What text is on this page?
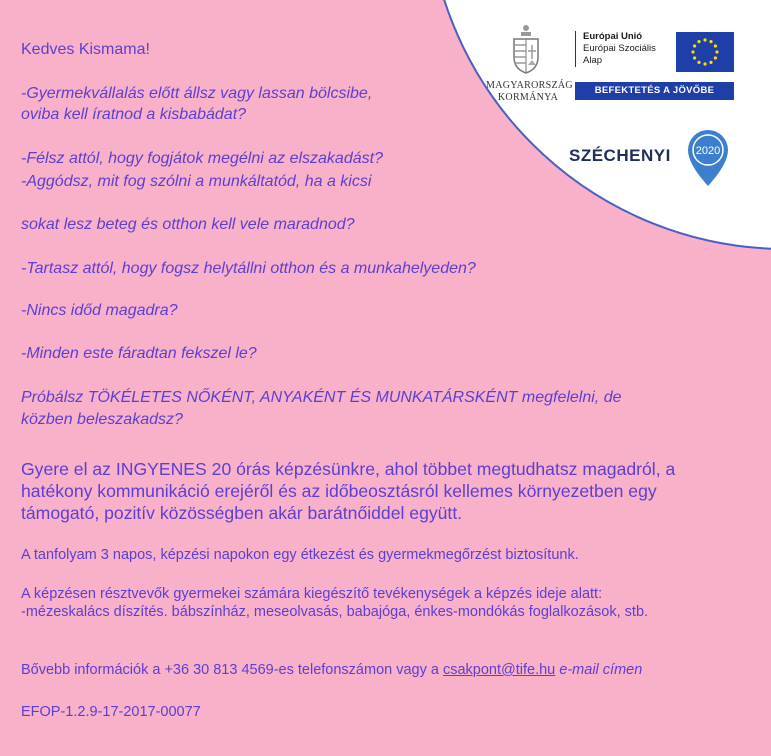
MAGYARORSZÁG
KORMÁNYA
Európai Unió
Európai Szociális
Alap
BEFEKTETÉS A JÖVŐBE
SZÉCHENYI 2020

Kedves Kismama!

-Gyermekvállalás előtt állsz vagy lassan bölcsibe,

oviba kell íratnod a kisbabádat?

-Félsz attól, hogy fogjátok megélni az elszakadást?

-Aggódsz, mit fog szólni a munkáltatód, ha a kicsi

sokat lesz beteg és otthon kell vele maradnod?

-Tartasz attól, hogy fogsz helytállni otthon és a munkahelyeden?

-Nincs időd magadra?

-Minden este fáradtan fekszel le?

Próbálsz TÖKÉLETES NŐKÉNT, ANYAKÉNT ÉS MUNKATÁRSKÉNT megfelelni, de

közben beleszakadsz?

Gyere el az INGYENES 20 órás képzésünkre, ahol többet megtudhatsz magadról, a

hatékony kommunikáció erejéről és az időbeosztásról kellemes környezetben egy

támogató, pozitív közösségben akár barátnőiddel együtt.

A tanfolyam 3 napos, képzési napokon egy étkezést és gyermekmegőrzést biztosítunk.

A képzésen résztvevők gyermekei számára kiegészítő tevékenységek a képzés ideje alatt:

-mézeskalács díszítés. bábszínház, meseolvasás, babajóga, énkes-mondókás foglalkozások, stb.

Bővebb információk a +36 30 813 4569-es telefonszámon vagy a csakpont@tife.hu e-mail címen

EFOP-1.2.9-17-2017-00077
